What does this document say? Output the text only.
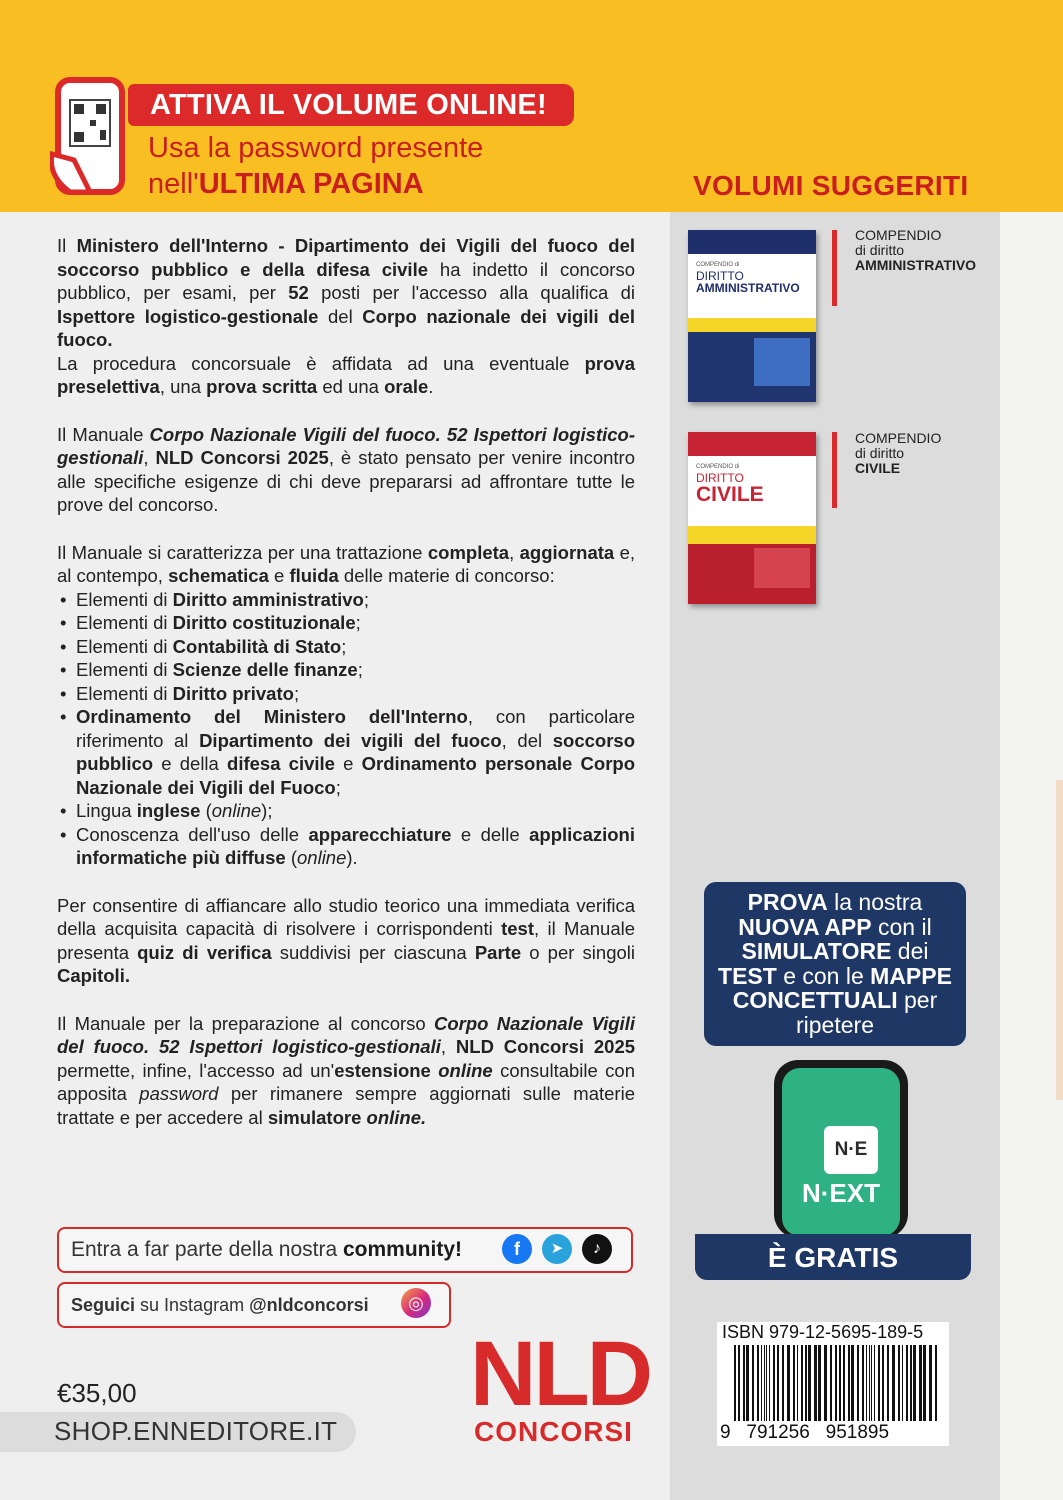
ATTIVA IL VOLUME ONLINE!
Usa la password presente
nell'ULTIMA PAGINA	VOLUMI SUGGERITI

Il Ministero dell'Interno - Dipartimento dei Vigili del fuoco del soccorso pubblico e della difesa civile ha indetto il concorso pubblico, per esami, per 52 posti per l'accesso alla qualifica di Ispettore logistico-gestionale del Corpo nazionale dei vigili del fuoco.

La procedura concorsuale è affidata ad una eventuale prova preselettiva, una prova scritta ed una orale.

Il Manuale Corpo Nazionale Vigili del fuoco. 52 Ispettori logistico-gestionali, NLD Concorsi 2025, è stato pensato per venire incontro alle specifiche esigenze di chi deve prepararsi ad affrontare tutte le prove del concorso.

Il Manuale si caratterizza per una trattazione completa, aggiornata e, al contempo, schematica e fluida delle materie di concorso:

• Elementi di Diritto amministrativo;
• Elementi di Diritto costituzionale;
• Elementi di Contabilità di Stato;
• Elementi di Scienze delle finanze;
• Elementi di Diritto privato;
• Ordinamento del Ministero dell'Interno, con particolare riferimento al Dipartimento dei vigili del fuoco, del soccorso pubblico e della difesa civile e Ordinamento personale Corpo Nazionale dei Vigili del Fuoco;
• Lingua inglese (online);
• Conoscenza dell'uso delle apparecchiature e delle applicazioni informatiche più diffuse (online).

Per consentire di affiancare allo studio teorico una immediata verifica della acquisita capacità di risolvere i corrispondenti test, il Manuale presenta quiz di verifica suddivisi per ciascuna Parte o per singoli Capitoli.

Il Manuale per la preparazione al concorso Corpo Nazionale Vigili del fuoco. 52 Ispettori logistico-gestionali, NLD Concorsi 2025 permette, infine, l'accesso ad un'estensione online consultabile con apposita password per rimanere sempre aggiornati sulle materie trattate e per accedere al simulatore online.

COMPENDIO di
DIRITTO
AMMINISTRATIVO
COMPENDIO
di diritto
AMMINISTRATIVO
COMPENDIO di
DIRITTO
CIVILE
COMPENDIO
di diritto
CIVILE
PROVA la nostra
NUOVA APP con il
SIMULATORE dei
TEST e con le MAPPE
CONCETTUALI per
ripetere
N·E
N·EXT
È GRATIS
ISBN 979-12-5695-189-5
9   791256   951895
Entra a far parte della nostra community!	f	➤	♪
Seguici su Instagram @nldconcorsi	◎
€35,00
SHOP.ENNEDITORE.IT
NLD
CONCORSI
